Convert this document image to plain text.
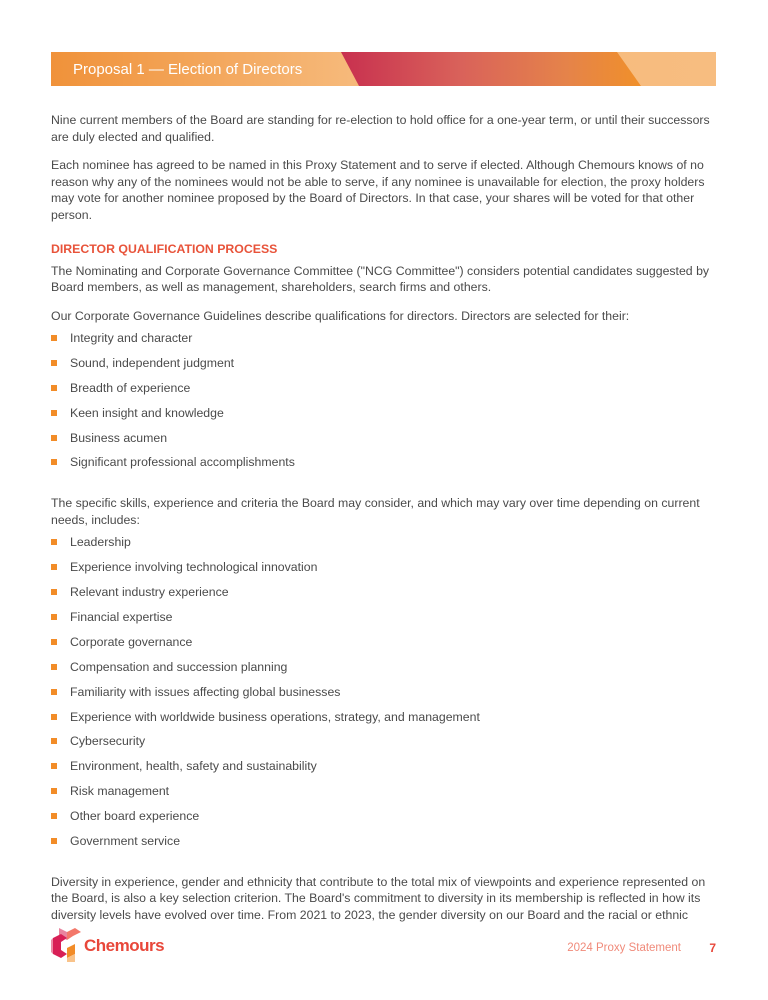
Proposal 1 — Election of Directors

Nine current members of the Board are standing for re-election to hold office for a one-year term, or until their successors are duly elected and qualified.

Each nominee has agreed to be named in this Proxy Statement and to serve if elected. Although Chemours knows of no reason why any of the nominees would not be able to serve, if any nominee is unavailable for election, the proxy holders may vote for another nominee proposed by the Board of Directors. In that case, your shares will be voted for that other person.

DIRECTOR QUALIFICATION PROCESS

The Nominating and Corporate Governance Committee ("NCG Committee") considers potential candidates suggested by Board members, as well as management, shareholders, search firms and others.

Our Corporate Governance Guidelines describe qualifications for directors. Directors are selected for their:

Integrity and character
Sound, independent judgment
Breadth of experience
Keen insight and knowledge
Business acumen
Significant professional accomplishments

The specific skills, experience and criteria the Board may consider, and which may vary over time depending on current needs, includes:

Leadership
Experience involving technological innovation
Relevant industry experience
Financial expertise
Corporate governance
Compensation and succession planning
Familiarity with issues affecting global businesses
Experience with worldwide business operations, strategy, and management
Cybersecurity
Environment, health, safety and sustainability
Risk management
Other board experience
Government service

Diversity in experience, gender and ethnicity that contribute to the total mix of viewpoints and experience represented on the Board, is also a key selection criterion. The Board's commitment to diversity in its membership is reflected in how its diversity levels have evolved over time. From 2021 to 2023, the gender diversity on our Board and the racial or ethnic

Chemours	2024 Proxy Statement 7
